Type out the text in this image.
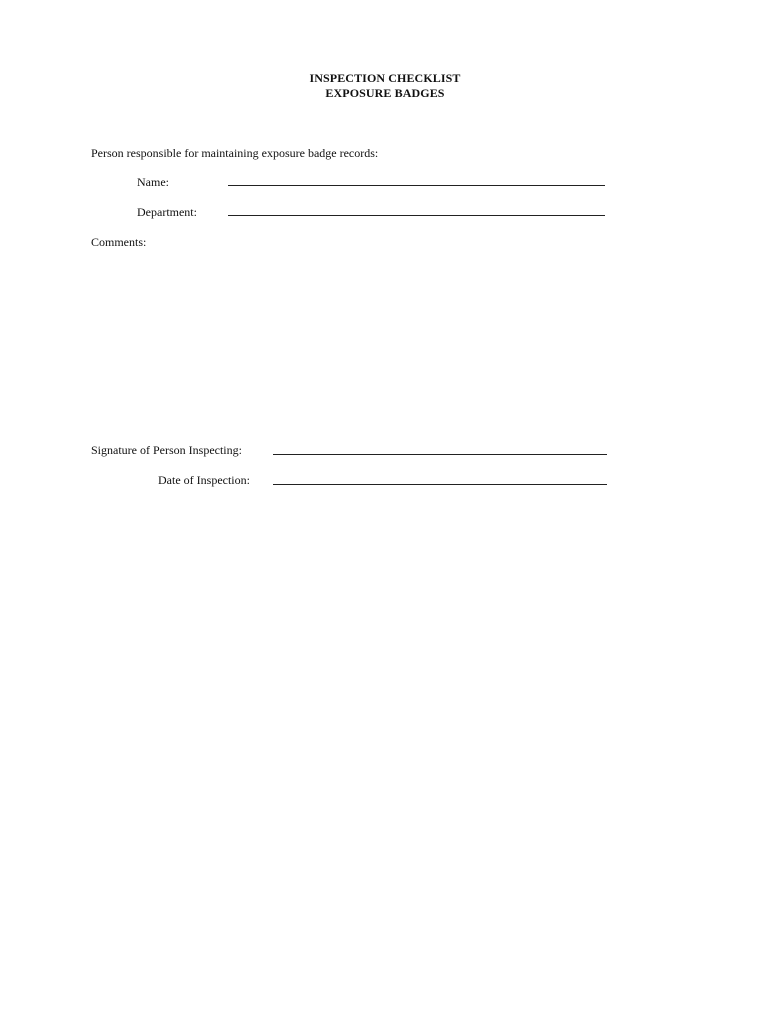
INSPECTION CHECKLIST
EXPOSURE BADGES
Person responsible for maintaining exposure badge records:
Name:
Department:
Comments:
Signature of Person Inspecting:
Date of Inspection:
